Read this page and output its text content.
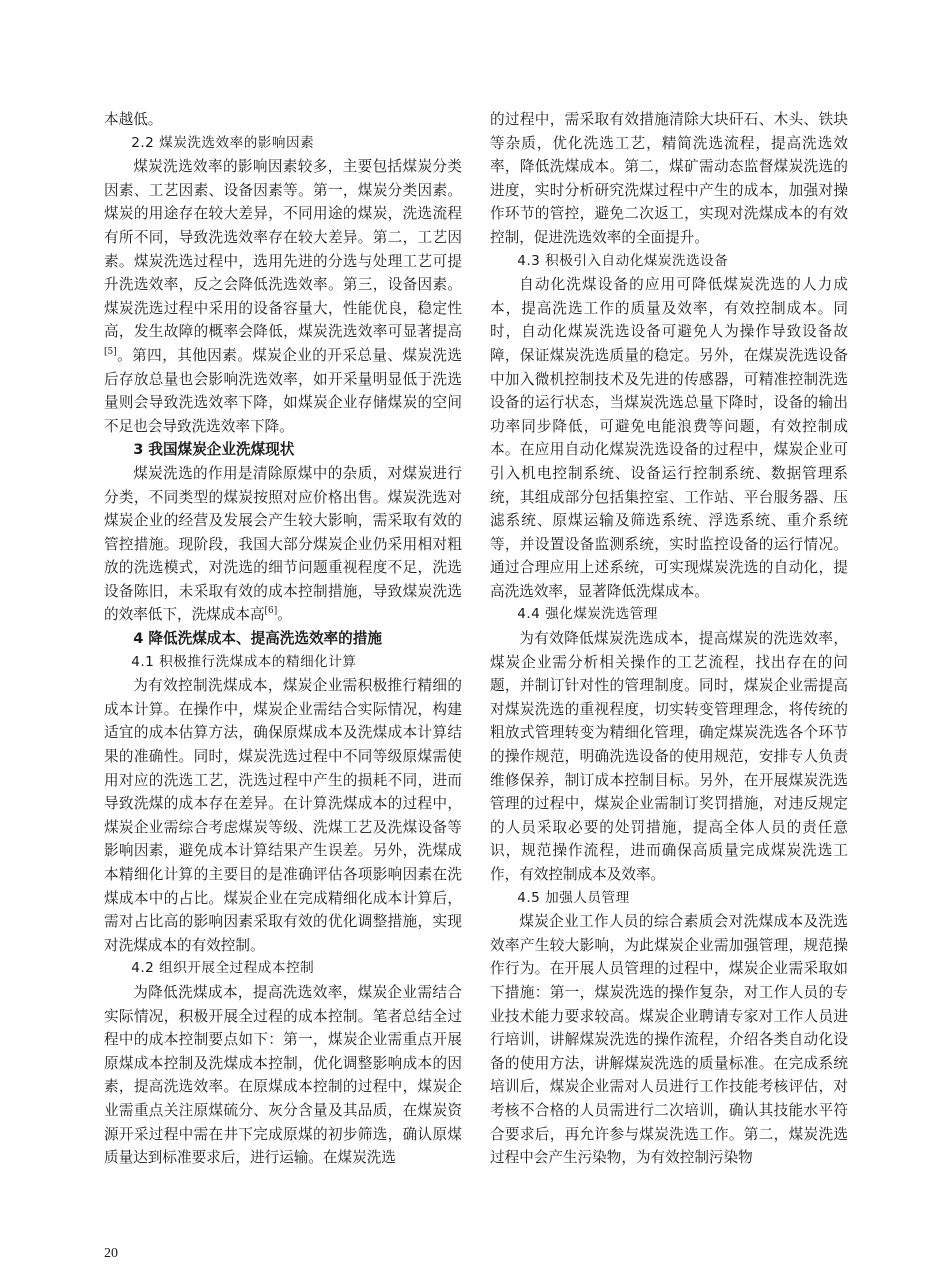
本越低。

2.2 煤炭洗选效率的影响因素

煤炭洗选效率的影响因素较多，主要包括煤炭分类因素、工艺因素、设备因素等。第一，煤炭分类因素。煤炭的用途存在较大差异，不同用途的煤炭，洗选流程有所不同，导致洗选效率存在较大差异。第二，工艺因素。煤炭洗选过程中，选用先进的分选与处理工艺可提升洗选效率，反之会降低洗选效率。第三，设备因素。煤炭洗选过程中采用的设备容量大，性能优良，稳定性高，发生故障的概率会降低，煤炭洗选效率可显著提高[5]。第四，其他因素。煤炭企业的开采总量、煤炭洗选后存放总量也会影响洗选效率，如开采量明显低于洗选量则会导致洗选效率下降，如煤炭企业存储煤炭的空间不足也会导致洗选效率下降。

3 我国煤炭企业洗煤现状

煤炭洗选的作用是清除原煤中的杂质，对煤炭进行分类，不同类型的煤炭按照对应价格出售。煤炭洗选对煤炭企业的经营及发展会产生较大影响，需采取有效的管控措施。现阶段，我国大部分煤炭企业仍采用相对粗放的洗选模式，对洗选的细节问题重视程度不足，洗选设备陈旧，未采取有效的成本控制措施，导致煤炭洗选的效率低下，洗煤成本高[6]。

4 降低洗煤成本、提高洗选效率的措施
4.1 积极推行洗煤成本的精细化计算

为有效控制洗煤成本，煤炭企业需积极推行精细的成本计算。在操作中，煤炭企业需结合实际情况，构建适宜的成本估算方法，确保原煤成本及洗煤成本计算结果的准确性。同时，煤炭洗选过程中不同等级原煤需使用对应的洗选工艺，洗选过程中产生的损耗不同，进而导致洗煤的成本存在差异。在计算洗煤成本的过程中，煤炭企业需综合考虑煤炭等级、洗煤工艺及洗煤设备等影响因素，避免成本计算结果产生误差。另外，洗煤成本精细化计算的主要目的是准确评估各项影响因素在洗煤成本中的占比。煤炭企业在完成精细化成本计算后，需对占比高的影响因素采取有效的优化调整措施，实现对洗煤成本的有效控制。

4.2 组织开展全过程成本控制

为降低洗煤成本，提高洗选效率，煤炭企业需结合实际情况，积极开展全过程的成本控制。笔者总结全过程中的成本控制要点如下：第一，煤炭企业需重点开展原煤成本控制及洗煤成本控制，优化调整影响成本的因素，提高洗选效率。在原煤成本控制的过程中，煤炭企业需重点关注原煤硫分、灰分含量及其品质，在煤炭资源开采过程中需在井下完成原煤的初步筛选，确认原煤质量达到标准要求后，进行运输。在煤炭洗选

的过程中，需采取有效措施清除大块矸石、木头、铁块等杂质，优化洗选工艺，精简洗选流程，提高洗选效率，降低洗煤成本。第二，煤矿需动态监督煤炭洗选的进度，实时分析研究洗煤过程中产生的成本，加强对操作环节的管控，避免二次返工，实现对洗煤成本的有效控制，促进洗选效率的全面提升。

4.3 积极引入自动化煤炭洗选设备

自动化洗煤设备的应用可降低煤炭洗选的人力成本，提高洗选工作的质量及效率，有效控制成本。同时，自动化煤炭洗选设备可避免人为操作导致设备故障，保证煤炭洗选质量的稳定。另外，在煤炭洗选设备中加入微机控制技术及先进的传感器，可精准控制洗选设备的运行状态，当煤炭洗选总量下降时，设备的输出功率同步降低，可避免电能浪费等问题，有效控制成本。在应用自动化煤炭洗选设备的过程中，煤炭企业可引入机电控制系统、设备运行控制系统、数据管理系统，其组成部分包括集控室、工作站、平台服务器、压滤系统、原煤运输及筛选系统、浮选系统、重介系统等，并设置设备监测系统，实时监控设备的运行情况。通过合理应用上述系统，可实现煤炭洗选的自动化，提高洗选效率，显著降低洗煤成本。

4.4 强化煤炭洗选管理

为有效降低煤炭洗选成本，提高煤炭的洗选效率，煤炭企业需分析相关操作的工艺流程，找出存在的问题，并制订针对性的管理制度。同时，煤炭企业需提高对煤炭洗选的重视程度，切实转变管理理念，将传统的粗放式管理转变为精细化管理，确定煤炭洗选各个环节的操作规范，明确洗选设备的使用规范，安排专人负责维修保养，制订成本控制目标。另外，在开展煤炭洗选管理的过程中，煤炭企业需制订奖罚措施，对违反规定的人员采取必要的处罚措施，提高全体人员的责任意识，规范操作流程，进而确保高质量完成煤炭洗选工作，有效控制成本及效率。

4.5 加强人员管理

煤炭企业工作人员的综合素质会对洗煤成本及洗选效率产生较大影响，为此煤炭企业需加强管理，规范操作行为。在开展人员管理的过程中，煤炭企业需采取如下措施：第一，煤炭洗选的操作复杂，对工作人员的专业技术能力要求较高。煤炭企业聘请专家对工作人员进行培训，讲解煤炭洗选的操作流程，介绍各类自动化设备的使用方法，讲解煤炭洗选的质量标准。在完成系统培训后，煤炭企业需对人员进行工作技能考核评估，对考核不合格的人员需进行二次培训，确认其技能水平符合要求后，再允许参与煤炭洗选工作。第二，煤炭洗选过程中会产生污染物，为有效控制污染物

20
